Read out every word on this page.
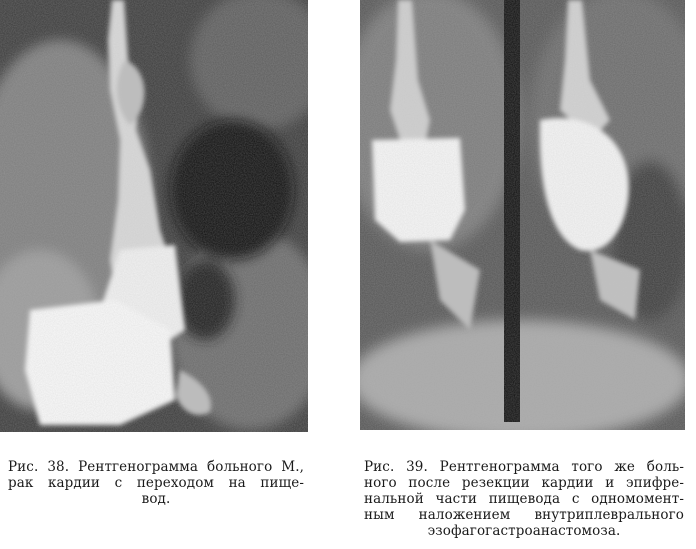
Рис. 38. Рентгенограмма больного М.,
рак кардии с переходом на пище-
вод.
Рис. 39. Рентгенограмма того же боль-
ного после резекции кардии и эпифре-
нальной части пищевода с одномомент-
ным наложением внутриплеврального
эзофагогастроанастомоза.
